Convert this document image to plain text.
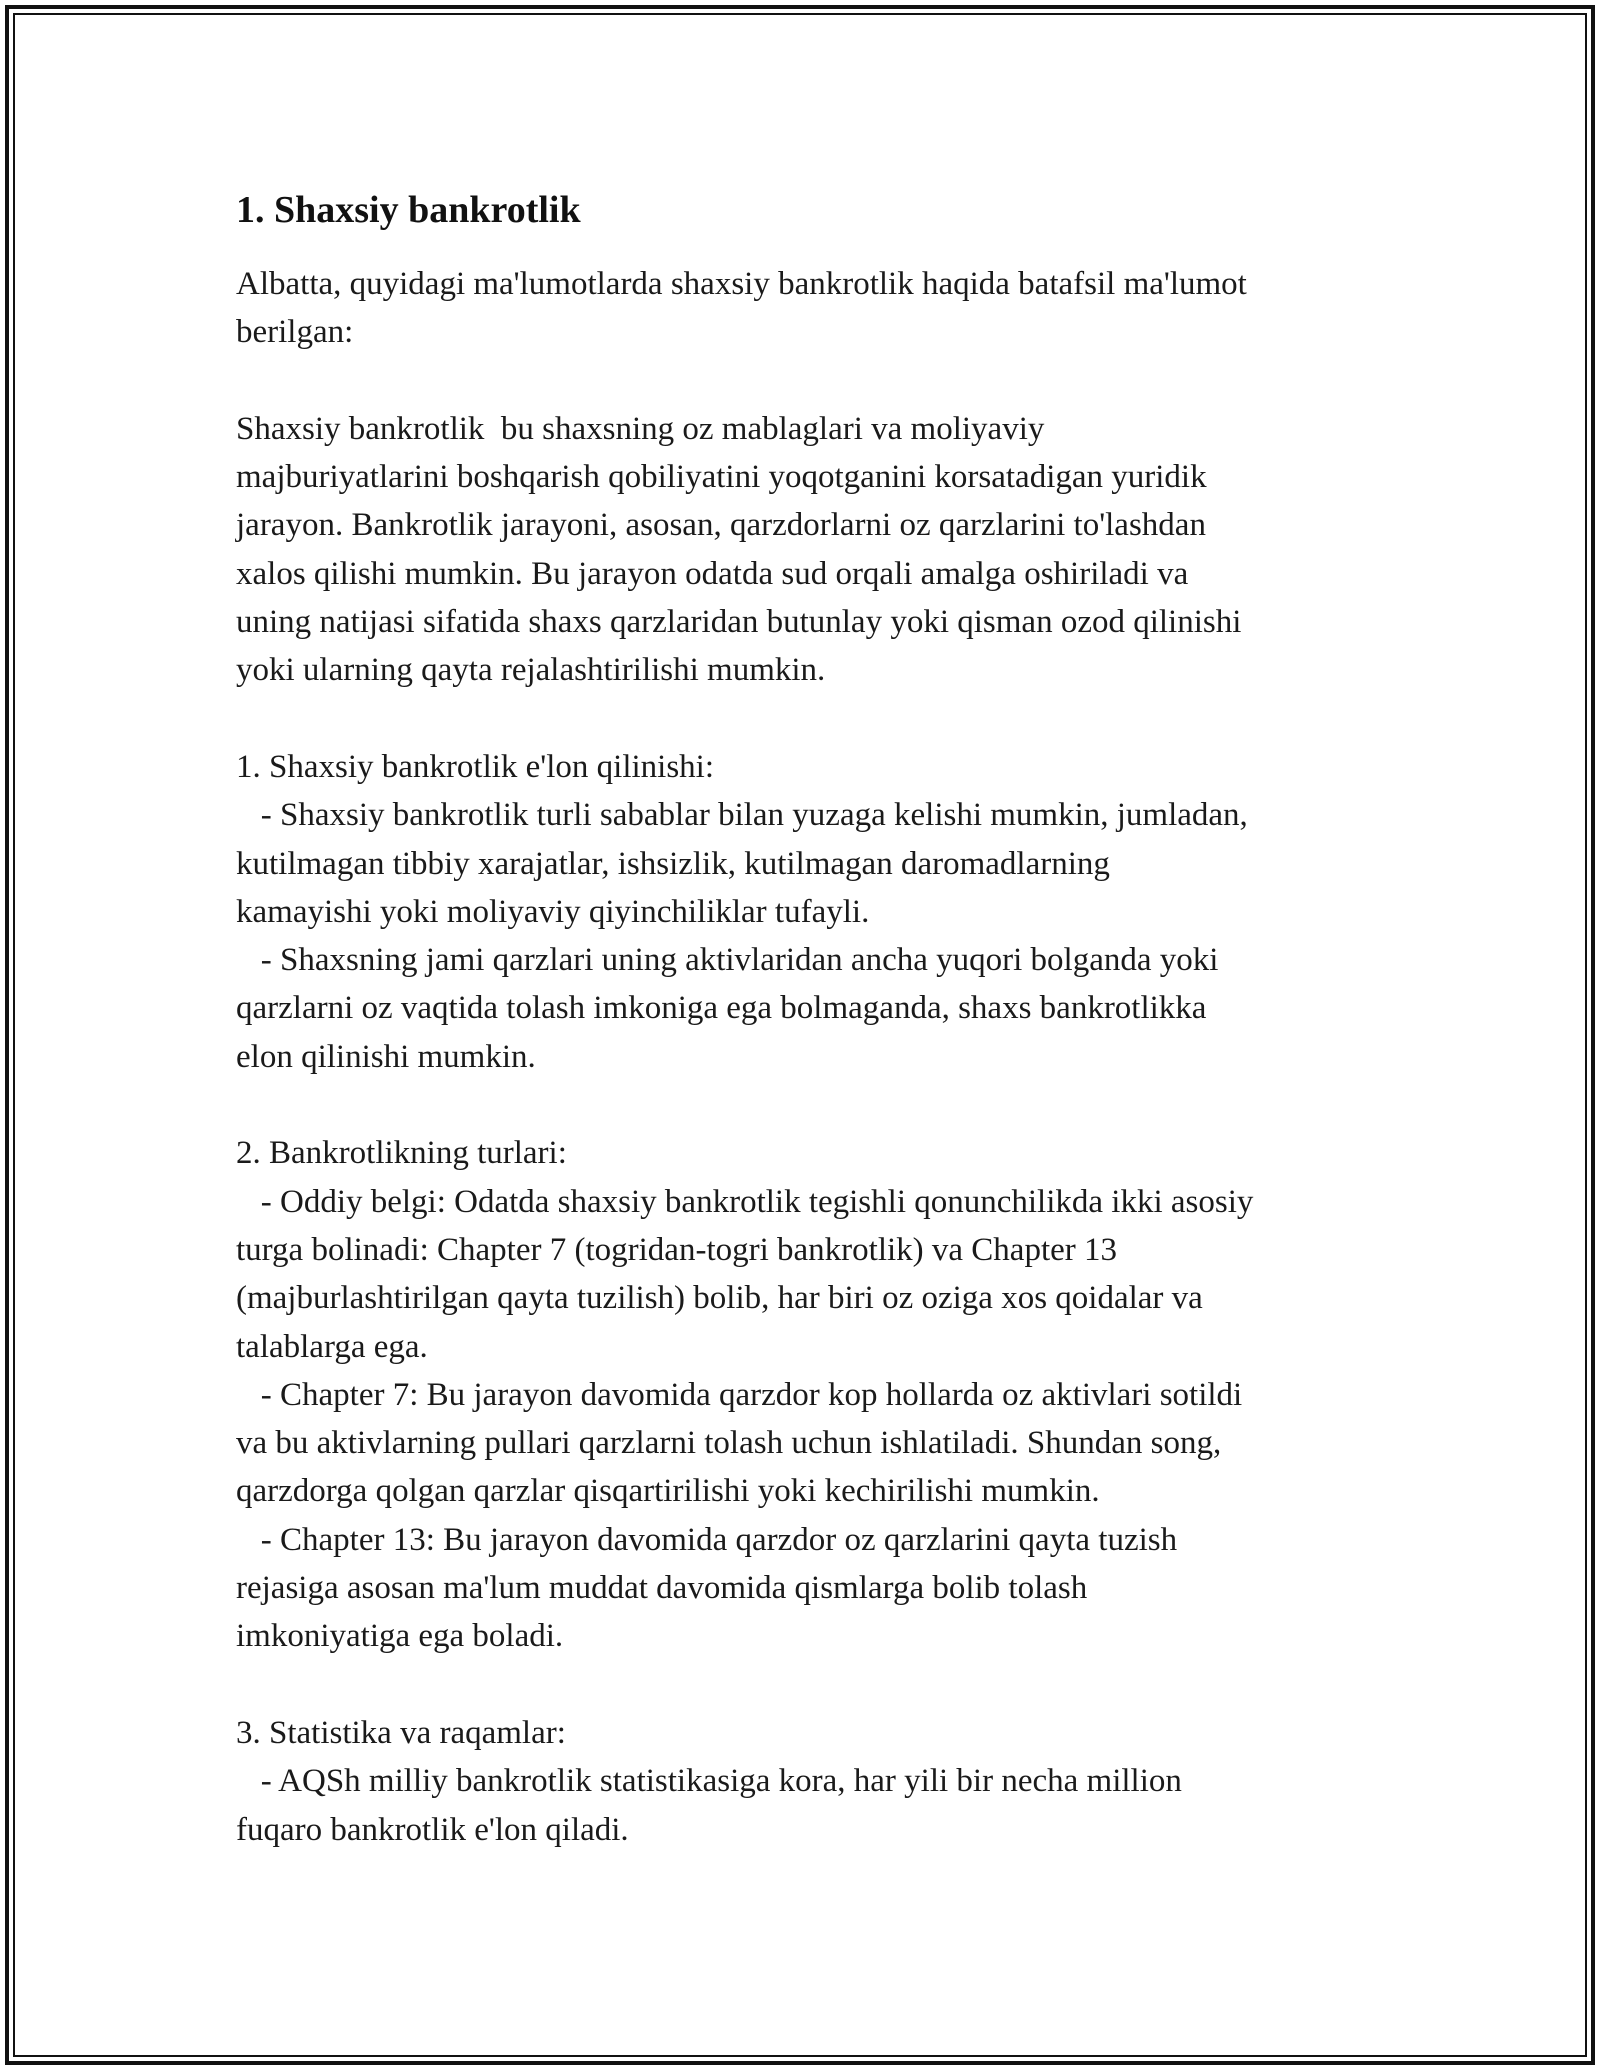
1. Shaxsiy bankrotlik

Albatta, quyidagi ma'lumotlarda shaxsiy bankrotlik haqida batafsil ma'lumot
berilgan:

Shaxsiy bankrotlik  bu shaxsning oz mablaglari va moliyaviy
majburiyatlarini boshqarish qobiliyatini yoqotganini korsatadigan yuridik
jarayon. Bankrotlik jarayoni, asosan, qarzdorlarni oz qarzlarini to'lashdan
xalos qilishi mumkin. Bu jarayon odatda sud orqali amalga oshiriladi va
uning natijasi sifatida shaxs qarzlaridan butunlay yoki qisman ozod qilinishi
yoki ularning qayta rejalashtirilishi mumkin.

1. Shaxsiy bankrotlik e'lon qilinishi:
- Shaxsiy bankrotlik turli sabablar bilan yuzaga kelishi mumkin, jumladan,
kutilmagan tibbiy xarajatlar, ishsizlik, kutilmagan daromadlarning
kamayishi yoki moliyaviy qiyinchiliklar tufayli.
- Shaxsning jami qarzlari uning aktivlaridan ancha yuqori bolganda yoki
qarzlarni oz vaqtida tolash imkoniga ega bolmaganda, shaxs bankrotlikka
elon qilinishi mumkin.

2. Bankrotlikning turlari:
- Oddiy belgi: Odatda shaxsiy bankrotlik tegishli qonunchilikda ikki asosiy
turga bolinadi: Chapter 7 (togridan-togri bankrotlik) va Chapter 13
(majburlashtirilgan qayta tuzilish) bolib, har biri oz oziga xos qoidalar va
talablarga ega.
- Chapter 7: Bu jarayon davomida qarzdor kop hollarda oz aktivlari sotildi
va bu aktivlarning pullari qarzlarni tolash uchun ishlatiladi. Shundan song,
qarzdorga qolgan qarzlar qisqartirilishi yoki kechirilishi mumkin.
- Chapter 13: Bu jarayon davomida qarzdor oz qarzlarini qayta tuzish
rejasiga asosan ma'lum muddat davomida qismlarga bolib tolash
imkoniyatiga ega boladi.

3. Statistika va raqamlar:
- AQSh milliy bankrotlik statistikasiga kora, har yili bir necha million
fuqaro bankrotlik e'lon qiladi.
